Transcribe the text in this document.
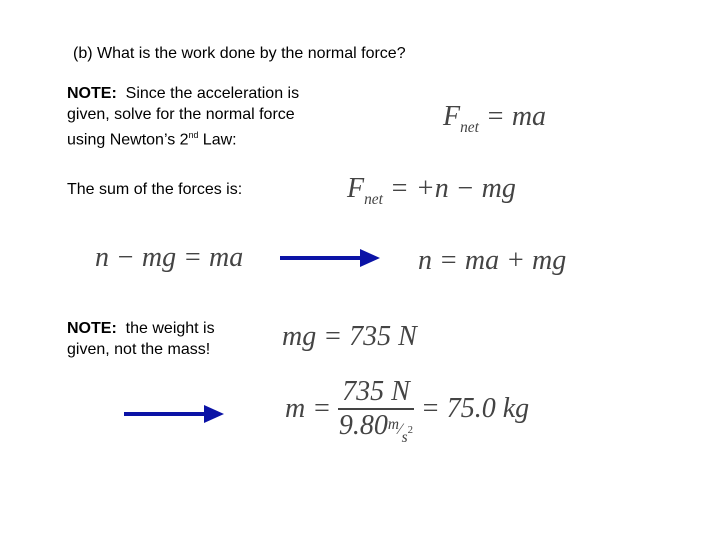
(b) What is the work done by the normal force?
NOTE: Since the acceleration is
given, solve for the normal force
using Newton’s 2nd Law:
$F_{net}$ = ma
The sum of the forces is:	$F_{net} = +n$ − mg
n − mg = ma	n = ma + mg
NOTE: the weight is
given, not the mass!	mg = 735 N
$m = \frac{735 N}{9.80m⁄s^2} = 75.0$ kg
